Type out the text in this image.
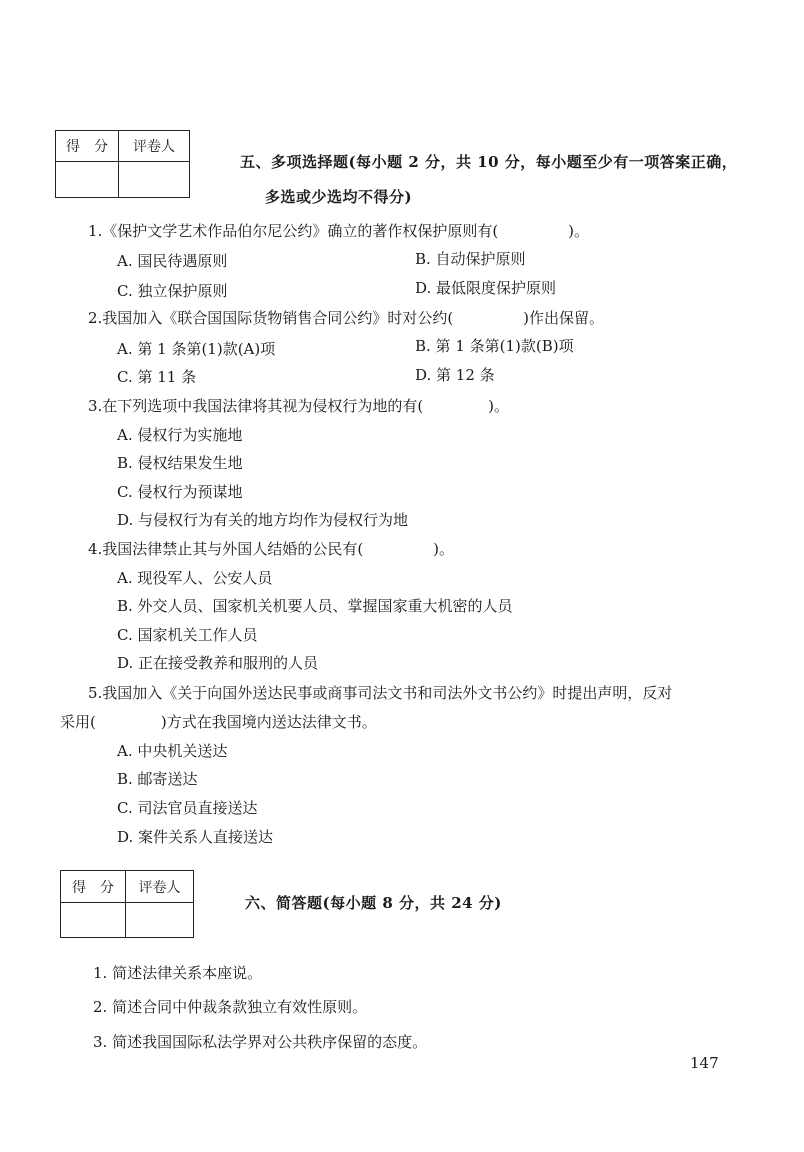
得　分	评卷人

五、多项选择题(每小题 2 分，共 10 分，每小题至少有一项答案正确，
多选或少选均不得分)
1.《保护文学艺术作品伯尔尼公约》确立的著作权保护原则有(	)。
A. 国民待遇原则	B. 自动保护原则
C. 独立保护原则	D. 最低限度保护原则
2.我国加入《联合国国际货物销售合同公约》时对公约(	)作出保留。
A. 第 1 条第(1)款(A)项	B. 第 1 条第(1)款(B)项
C. 第 11 条	D. 第 12 条
3.在下列选项中我国法律将其视为侵权行为地的有(	)。
A. 侵权行为实施地
B. 侵权结果发生地
C. 侵权行为预谋地
D. 与侵权行为有关的地方均作为侵权行为地
4.我国法律禁止其与外国人结婚的公民有(	)。
A. 现役军人、公安人员
B. 外交人员、国家机关机要人员、掌握国家重大机密的人员
C. 国家机关工作人员
D. 正在接受教养和服刑的人员
5.我国加入《关于向国外送达民事或商事司法文书和司法外文书公约》时提出声明，反对
采用(	)方式在我国境内送达法律文书。
A. 中央机关送达
B. 邮寄送达
C. 司法官员直接送达
D. 案件关系人直接送达
得　分	评卷人

六、简答题(每小题 8 分，共 24 分)
1. 简述法律关系本座说。
2. 简述合同中仲裁条款独立有效性原则。
3. 简述我国国际私法学界对公共秩序保留的态度。
147
